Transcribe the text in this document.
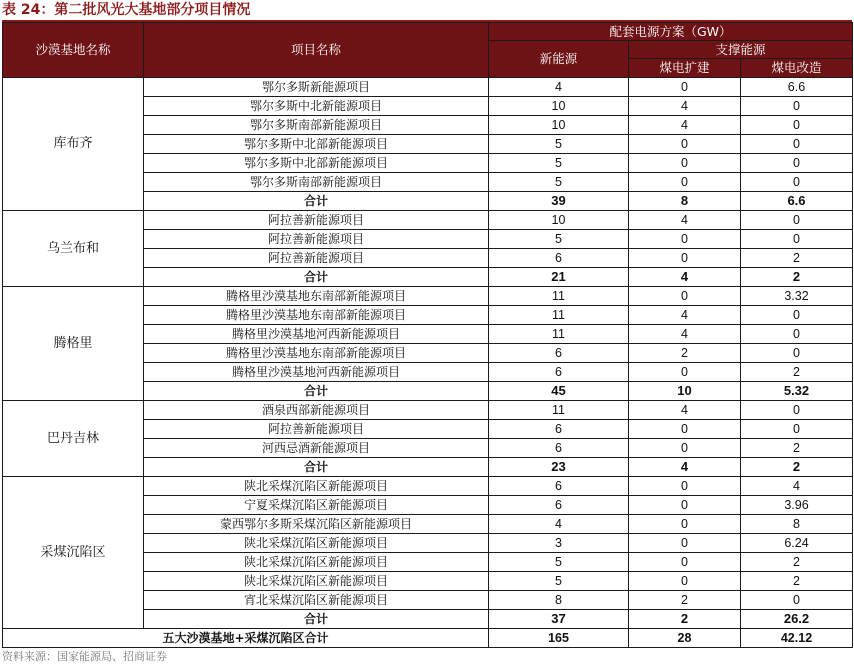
表 24：第二批风光大基地部分项目情况
沙漠基地名称	项目名称	配套电源方案（GW）		
		新能源	支撑能源	
			煤电扩建	煤电改造
库布齐	鄂尔多斯新能源项目	4	0	6.6
	鄂尔多斯中北新能源项目	10	4	0
	鄂尔多斯南部新能源项目	10	4	0
	鄂尔多斯中北部新能源项目	5	0	0
	鄂尔多斯中北部新能源项目	5	0	0
	鄂尔多斯南部新能源项目	5	0	0
	合计	39	8	6.6
乌兰布和	阿拉善新能源项目	10	4	0
	阿拉善新能源项目	5	0	0
	阿拉善新能源项目	6	0	2
	合计	21	4	2
腾格里	腾格里沙漠基地东南部新能源项目	11	0	3.32
	腾格里沙漠基地东南部新能源项目	11	4	0
	腾格里沙漠基地河西新能源项目	11	4	0
	腾格里沙漠基地东南部新能源项目	6	2	0
	腾格里沙漠基地河西新能源项目	6	0	2
	合计	45	10	5.32
巴丹吉林	酒泉西部新能源项目	11	4	0
	阿拉善新能源项目	6	0	0
	河西忌酒新能源项目	6	0	2
	合计	23	4	2
采煤沉陷区	陕北采煤沉陷区新能源项目	6	0	4
	宁夏采煤沉陷区新能源项目	6	0	3.96
	蒙西鄂尔多斯采煤沉陷区新能源项目	4	0	8
	陕北采煤沉陷区新能源项目	3	0	6.24
	陕北采煤沉陷区新能源项目	5	0	2
	陕北采煤沉陷区新能源项目	5	0	2
	宵北采煤沉陷区新能源项目	8	2	0
	合计	37	2	26.2
五大沙漠基地+采煤沉陷区合计		165	28	42.12
资料来源：国家能源局、招商证券
